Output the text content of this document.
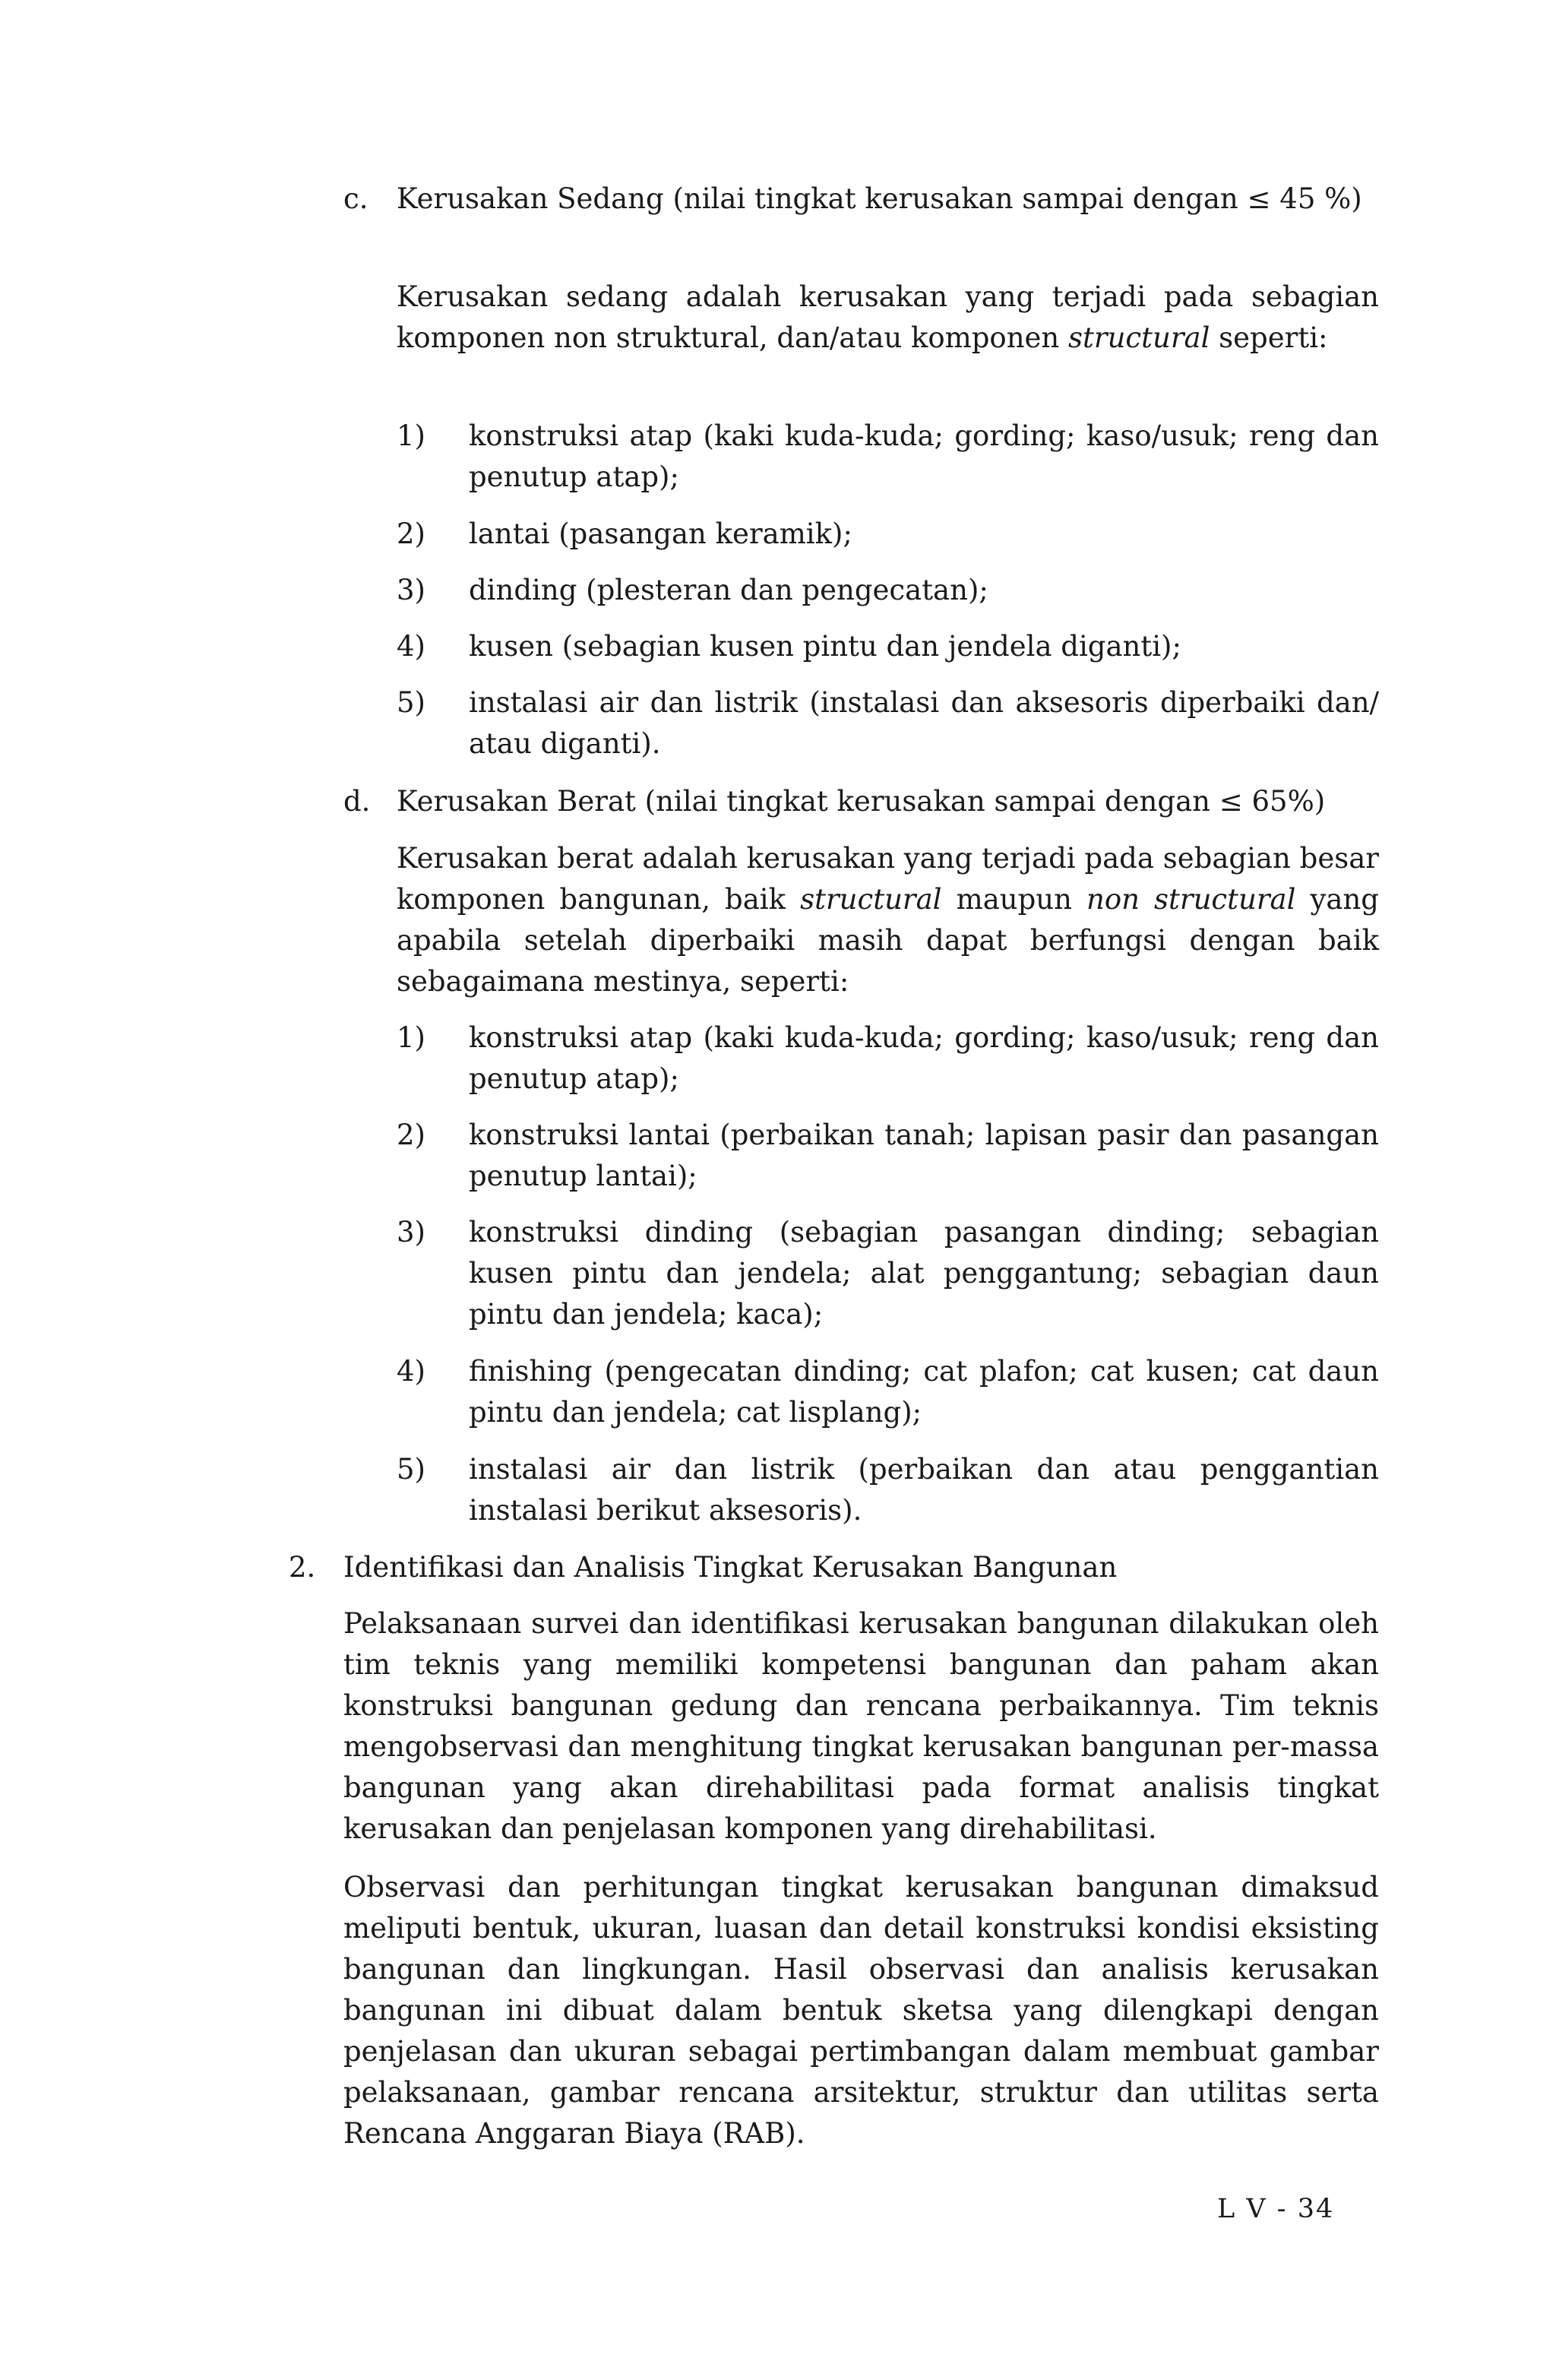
c. Kerusakan Sedang (nilai tingkat kerusakan sampai dengan ≤ 45 %)

Kerusakan sedang adalah kerusakan yang terjadi pada sebagian komponen non struktural, dan/atau komponen structural seperti:

1) konstruksi atap (kaki kuda-kuda; gording; kaso/usuk; reng dan penutup atap);

2) lantai (pasangan keramik);

3) dinding (plesteran dan pengecatan);

4) kusen (sebagian kusen pintu dan jendela diganti);

5) instalasi air dan listrik (instalasi dan aksesoris diperbaiki dan/ atau diganti).

d. Kerusakan Berat (nilai tingkat kerusakan sampai dengan ≤ 65%)

Kerusakan berat adalah kerusakan yang terjadi pada sebagian besar komponen bangunan, baik structural maupun non structural yang apabila setelah diperbaiki masih dapat berfungsi dengan baik sebagaimana mestinya, seperti:

1) konstruksi atap (kaki kuda-kuda; gording; kaso/usuk; reng dan penutup atap);

2) konstruksi lantai (perbaikan tanah; lapisan pasir dan pasangan penutup lantai);

3) konstruksi dinding (sebagian pasangan dinding; sebagian kusen pintu dan jendela; alat penggantung; sebagian daun pintu dan jendela; kaca);

4) finishing (pengecatan dinding; cat plafon; cat kusen; cat daun pintu dan jendela; cat lisplang);

5) instalasi air dan listrik (perbaikan dan atau penggantian instalasi berikut aksesoris).

2. Identifikasi dan Analisis Tingkat Kerusakan Bangunan

Pelaksanaan survei dan identifikasi kerusakan bangunan dilakukan oleh tim teknis yang memiliki kompetensi bangunan dan paham akan konstruksi bangunan gedung dan rencana perbaikannya. Tim teknis mengobservasi dan menghitung tingkat kerusakan bangunan per-massa bangunan yang akan direhabilitasi pada format analisis tingkat kerusakan dan penjelasan komponen yang direhabilitasi.

Observasi dan perhitungan tingkat kerusakan bangunan dimaksud meliputi bentuk, ukuran, luasan dan detail konstruksi kondisi eksisting bangunan dan lingkungan. Hasil observasi dan analisis kerusakan bangunan ini dibuat dalam bentuk sketsa yang dilengkapi dengan penjelasan dan ukuran sebagai pertimbangan dalam membuat gambar pelaksanaan, gambar rencana arsitektur, struktur dan utilitas serta Rencana Anggaran Biaya (RAB).

L V - 34
